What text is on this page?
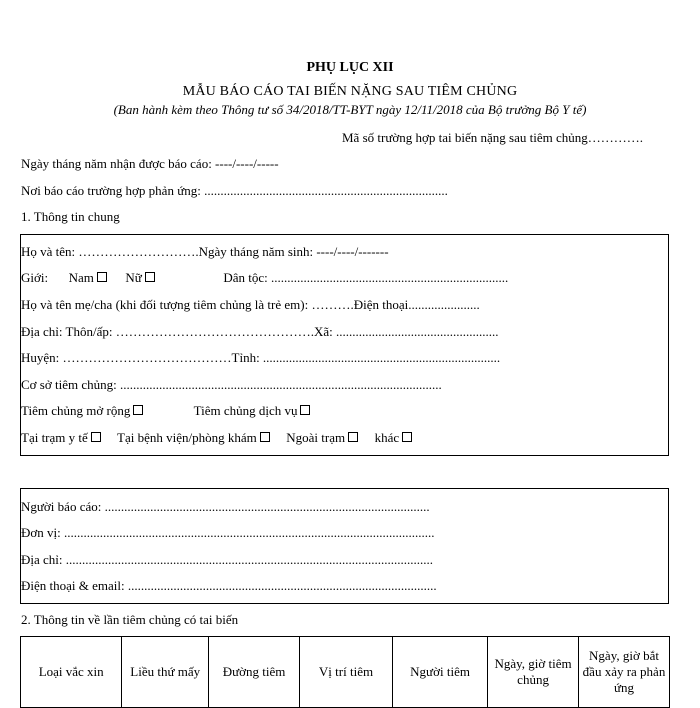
PHỤ LỤC XII
MẪU BÁO CÁO TAI BIẾN NẶNG SAU TIÊM CHỦNG
(Ban hành kèm theo Thông tư số 34/2018/TT-BYT ngày 12/11/2018 của Bộ trưởng Bộ Y tế)
Mã số trường hợp tai biến nặng sau tiêm chủng………….
Ngày tháng năm nhận được báo cáo: ----/----/-----
Nơi báo cáo trường hợp phản ứng: ...........................................................................
1. Thông tin chung
Họ và tên: ……………………….Ngày tháng năm sinh: ----/----/-------
Giới: Nam Nữ	Dân tộc: .........................................................................
Họ và tên mẹ/cha (khi đối tượng tiêm chủng là trẻ em): ……….Điện thoại......................
Địa chỉ: Thôn/ấp: ……………………………………….Xã: ..................................................
Huyện: …………………………………Tỉnh: .........................................................................
Cơ sở tiêm chủng: ...................................................................................................
Tiêm chủng mở rộng	Tiêm chủng dịch vụ
Tại trạm y tế Tại bệnh viện/phòng khám Ngoài trạm khác
Người báo cáo: ....................................................................................................
Đơn vị: ..................................................................................................................
Địa chỉ: .................................................................................................................
Điện thoại & email: ...............................................................................................
2. Thông tin về lần tiêm chủng có tai biến
Loại vắc xin	Liều thứ mấy	Đường tiêm	Vị trí tiêm	Người tiêm	Ngày, giờ tiêm chủng	Ngày, giờ bắt đầu xảy ra phản ứng
